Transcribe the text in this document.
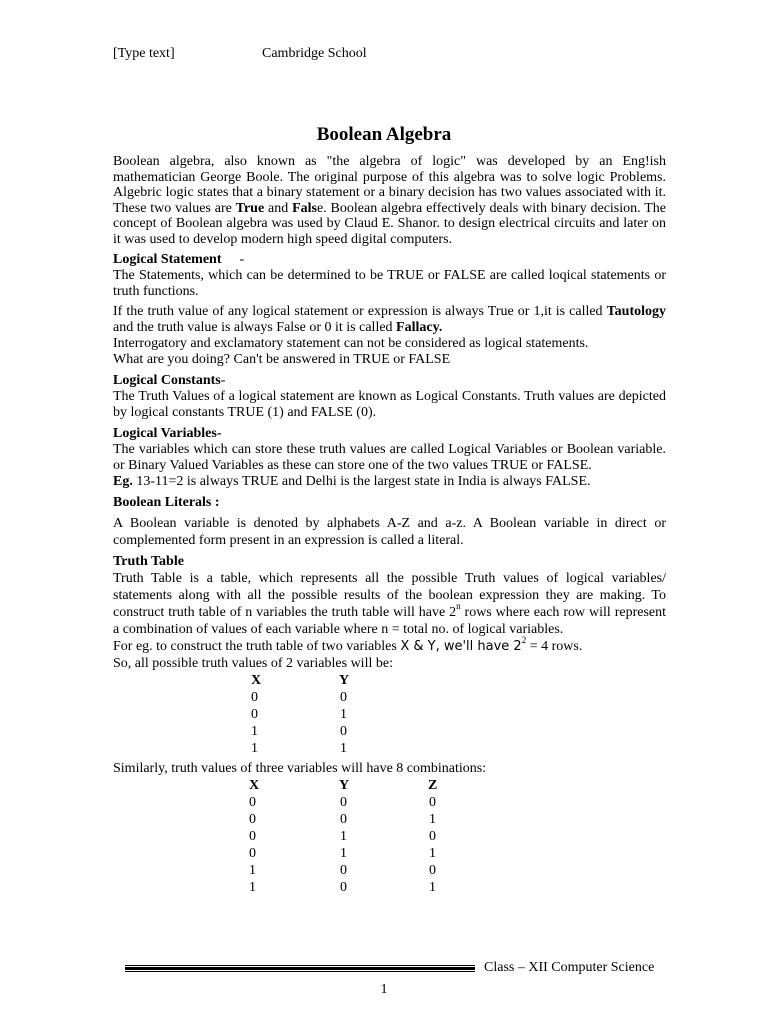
[Type text]	Cambridge School
Boolean Algebra

Boolean algebra, also known as "the algebra of logic" was developed by an Eng!ish mathematician George Boole. The original purpose of this algebra was to solve logic Problems. Algebric logic states that a binary statement or a binary decision has two values associated with it. These two values are True and False. Boolean algebra effectively deals with binary decision. The concept of Boolean algebra was used by Claud E. Shanor. to design electrical circuits and later on it was used to develop modern high speed digital computers.

Logical Statement -

The Statements, which can be determined to be TRUE or FALSE are called loqical statements or truth functions.

If the truth value of any logical statement or expression is always True or 1,it is called Tautology and the truth value is always False or 0 it is called Fallacy.

Interrogatory and exclamatory statement can not be considered as logical statements.

What are you doing? Can't be answered in TRUE or FALSE

Logical Constants-

The Truth Values of a logical statement are known as Logical Constants. Truth values are depicted by logical constants TRUE (1) and FALSE (0).

Logical Variables-

The variables which can store these truth values are called Logical Variables or Boolean variable. or Binary Valued Variables as these can store one of the two values TRUE or FALSE.

Eg. 13-11=2 is always TRUE and Delhi is the largest state in India is always FALSE.

Boolean Literals :

A Boolean variable is denoted by alphabets A-Z and a-z. A Boolean variable in direct or complemented form present in an expression is called a literal.

Truth Table

Truth Table is a table, which represents all the possible Truth values of logical variables/ statements along with all the possible results of the boolean expression they are making. To construct truth table of n variables the truth table will have 2$^n$ rows where each row will represent a combination of values of each variable where n = total no. of logical variables.

For eg. to construct the truth table of two variables X & Y, we'll have $2^2 = 4$ rows.

So, all possible truth values of 2 variables will be:

X	Y
0	0
0	1
1	0
1	1

Similarly, truth values of three variables will have 8 combinations:

X	Y	Z
0	0	0
0	0	1
0	1	0
0	1	1
1	0	0
1	0	1
Class – XII Computer Science
1
